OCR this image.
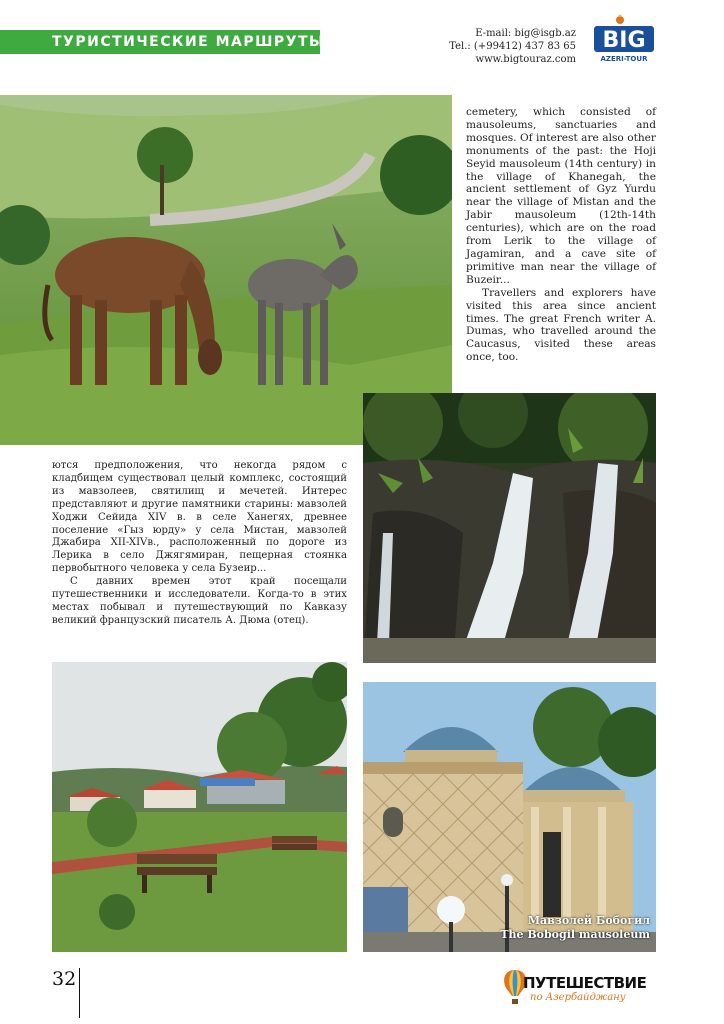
ТУРИСТИЧЕСКИЕ МАРШРУТЫ
E-mail: big@isgb.az
Tel.: (+99412) 437 83 65
www.bigtouraz.com
BIG
AZERI-TOUR

cemetery, which consisted of mausoleums, sanctuaries and mosques. Of interest are also other monuments of the past: the Hoji Seyid mausoleum (14th century) in the village of Khanegah, the ancient settlement of Gyz Yurdu near the village of Mistan and the Jabir mausoleum (12th-14th centuries), which are on the road from Lerik to the village of Jagamiran, and a cave site of primitive man near the village of Buzeir...

Travellers and explorers have visited this area since ancient times. The great French writer A. Dumas, who travelled around the Caucasus, visited these areas once, too.

ются предположения, что некогда рядом с кладбищем существовал целый комплекс, состоящий из мавзолеев, святилищ и мечетей. Интерес представляют и другие памятники старины: мавзолей Ходжи Сейида XIV в. в селе Ханегях, древнее поселение «Гыз юрду» у села Мистан, мавзолей Джабира XII-XIVв., расположенный по дороге из Лерика в село Джягямиран, пещерная стоянка первобытного человека у села Бузеир...

С давних времен этот край посещали путешественники и исследователи. Когда-то в этих местах побывал и путешествующий по Кавказу великий французский писатель А. Дюма (отец).

Мавзолей Бобогил
The Bobogil mausoleum
32	ПУТЕШЕСТВИЕ
по Азербайджану
